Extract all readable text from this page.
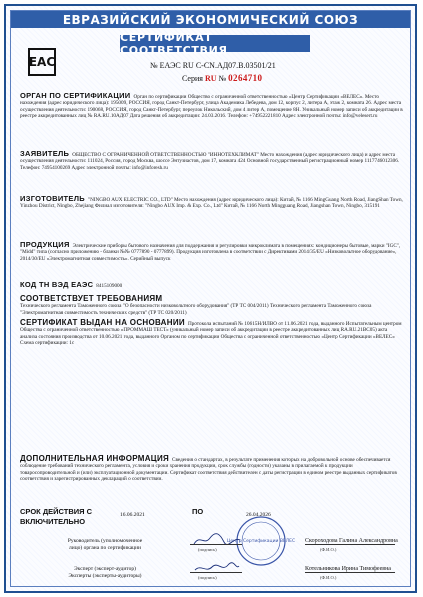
ЕВРАЗИЙСКИЙ ЭКОНОМИЧЕСКИЙ СОЮЗ
СЕРТИФИКАТ СООТВЕТСТВИЯ
EAC	№ ЕАЭС RU С-CN.АД07.В.03501/21
Серия RU № 0264710

ОРГАН ПО СЕРТИФИКАЦИИ Орган по сертификации Общество с ограниченной ответственностью «Центр Сертификации «ВЕЛЕС». Место нахождения (адрес юридического лица): 195009, РОССИЯ, город Санкт-Петербург, улица Академика Лебедева, дом 12, корпус 2, литера А, этаж 2, комната 26. Адрес места осуществления деятельности: 190068, РОССИЯ, город Санкт-Петербург, переулок Никольский, дом 4 литер А, помещение 8Н. Уникальный номер записи об аккредитации в реестре аккредитованных лиц № RA.RU.10АД07 Дата решения об аккредитации: 24.03.2016. Телефон: +74952221810 Адрес электронной почты: info@velesert.ru

ЗАЯВИТЕЛЬ ОБЩЕСТВО С ОГРАНИЧЕННОЙ ОТВЕТСТВЕННОСТЬЮ "ИННОТЕХКЛИМАТ" Место нахождения (адрес юридического лица) и адрес места осуществления деятельности: 111024, Россия, город Москва, шоссе Энтузиастов, дом 17, комната 424 Основной государственный регистрационный номер 1117746012306. Телефон: 74954100269 Адрес электронной почты: info@inforesh.ru

ИЗГОТОВИТЕЛЬ "NINGBO AUX ELECTRIC CO., LTD" Место нахождения (адрес юридического лица): Китай, № 1166 MingGuang North Road, JiangShan Town, Yinzhou District, Ningbo, Zhejiang Филиал изготовителя: "Ningbo AUX Imp. & Exp. Co., Ltd" Китай, № 1166 North Mingguang Road, Jiangshan Town, Ningbo, 315191

ПРОДУКЦИЯ Электрические приборы бытового назначения для поддержания и регулировки микроклимата в помещениях: кондиционеры бытовые, марки "IGC", "Midd" типа (согласно приложению - бланки №№ 0777890 - 0777899). Продукция изготовлена в соответствии с Директивами 2014/35/EU «Низковольтное оборудование», 2014/30/EU «Электромагнитная совместимость». Серийный выпуск

КОД ТН ВЭД ЕАЭС 8415109000

СООТВЕТСТВУЕТ ТРЕБОВАНИЯМ

Технического регламента Таможенного союза "О безопасности низковольтного оборудования" (ТР ТС 004/2011) Технического регламента Таможенного союза "Электромагнитная совместимость технических средств" (ТР ТС 020/2011)

СЕРТИФИКАТ ВЫДАН НА ОСНОВАНИИ Протокола испытаний № 10615Н/ИЛВО от 11.06.2021 года, выданного Испытательным центром Общества с ограниченной ответственностью «ПРОММАШ ТЕСТ» (уникальный номер записи об аккредитации в реестре аккредитованных лиц RA.RU.21ВС05) акта анализа состояния производства от 10.06.2021 года, выданного Органом по сертификации Общества с ограниченной ответственностью «Центр Сертификации «ВЕЛЕС» Схема сертификации: 1с

ДОПОЛНИТЕЛЬНАЯ ИНФОРМАЦИЯ Сведения о стандартах, в результате применения которых на добровольной основе обеспечивается соблюдение требований технического регламента, условия и сроки хранения продукции, срок службы (годности) указаны в прилагаемой к продукции товаросопроводительной и (или) эксплуатационной документации. Сертификат соответствия действителен с даты регистрации в едином реестре выданных сертификатов соответствия и зарегистрированных деклараций о соответствии.

СРОК ДЕЙСТВИЯ С
ВКЛЮЧИТЕЛЬНО
16.06.2021	ПО	26.04.2026
Центр Сертификации ВЕЛЕС
Руководитель (уполномоченное
лицо) органа по сертификации	(подпись)
Скороходова Галина Александровна
(Ф.И.О.)
Эксперт (эксперт-аудитор)
Эксперты (эксперты-аудиторы)	(подпись)
Котельникова Ирина Тимофеевна
(Ф.И.О.)
